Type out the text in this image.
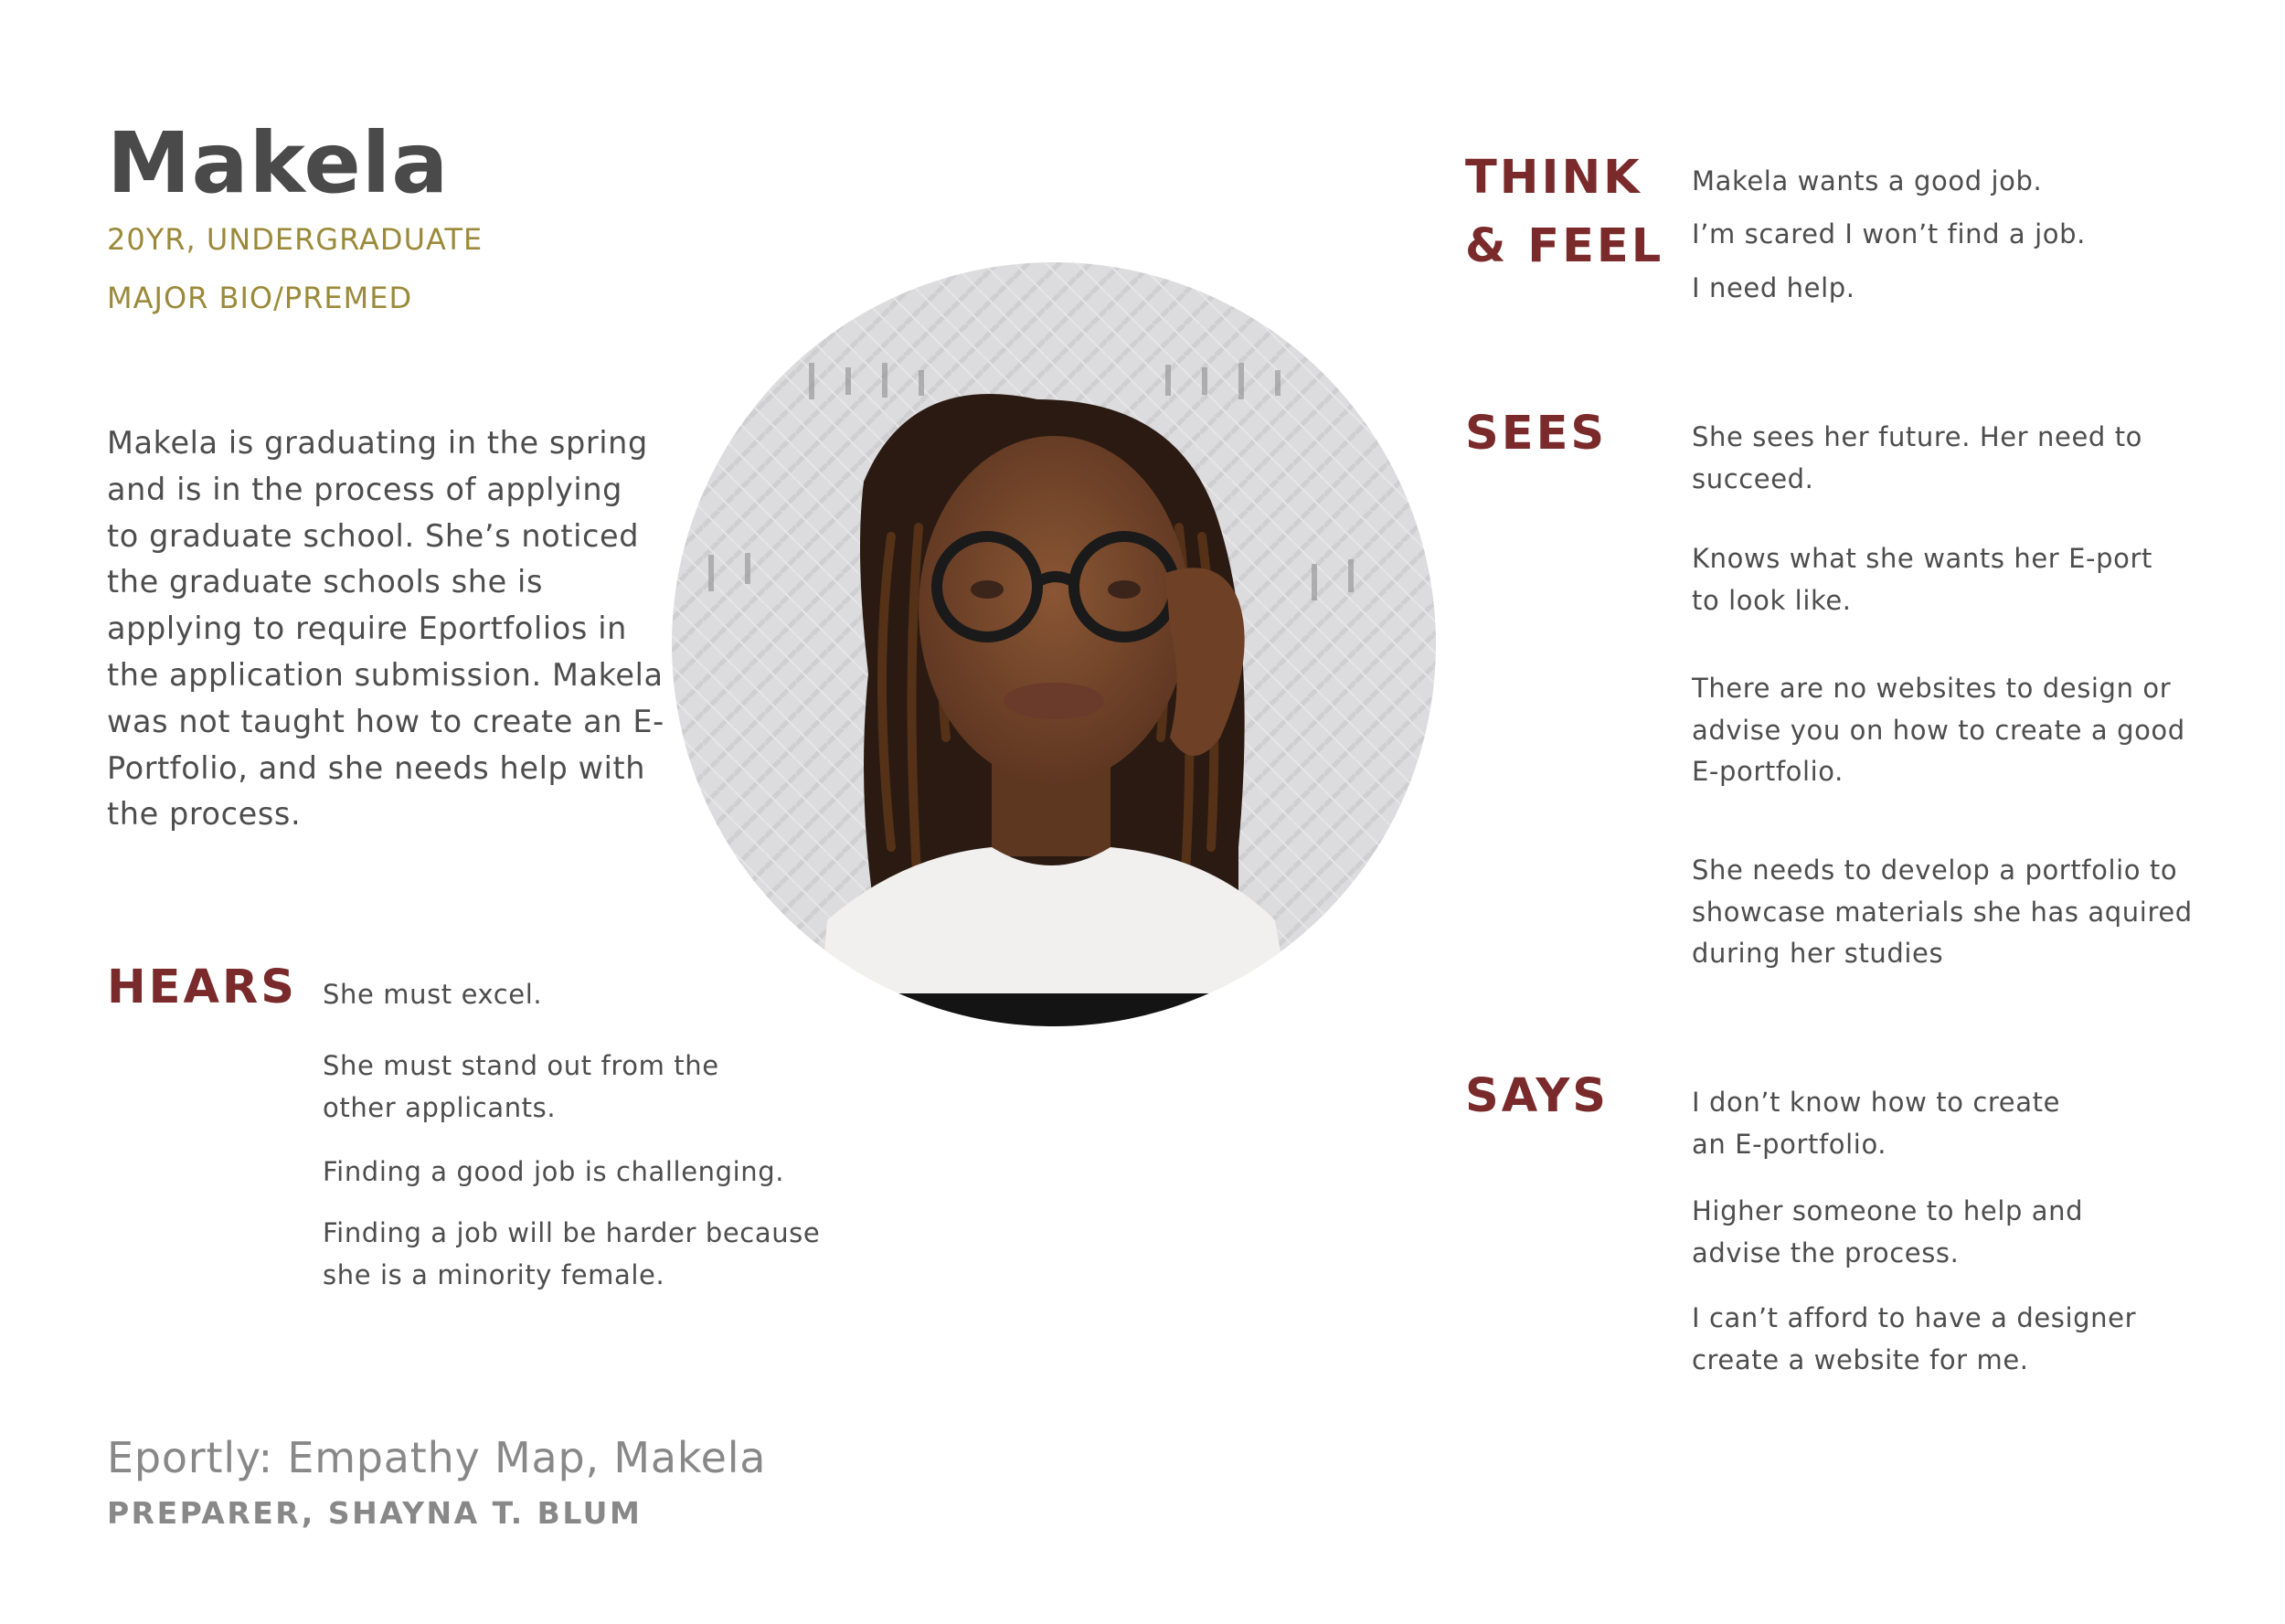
Makela
20YR, UNDERGRADUATE
MAJOR BIO/PREMED
Makela is graduating in the spring and is in the process of applying to graduate school. She’s noticed the graduate schools she is applying to require Eportfolios in the application submission. Makela was not taught how to create an E-Portfolio, and she needs help with the process.
HEARS She must excel.
She must stand out from the other applicants.
Finding a good job is challenging.
Finding a job will be harder because she is a minority female.
THINK
& FEEL
Makela wants a good job.
I’m scared I won’t find a job.
I need help.
SEES	She sees her future. Her need to succeed.
Knows what she wants her E-port to look like.
There are no websites to design or advise you on how to create a good E-portfolio.
She needs to develop a portfolio to showcase materials she has aquired during her studies
SAYS	I don’t know how to create an E-portfolio.
Higher someone to help and advise the process.
I can’t afford to have a designer create a website for me.
Eportly: Empathy Map, Makela
PREPARER, SHAYNA T. BLUM
